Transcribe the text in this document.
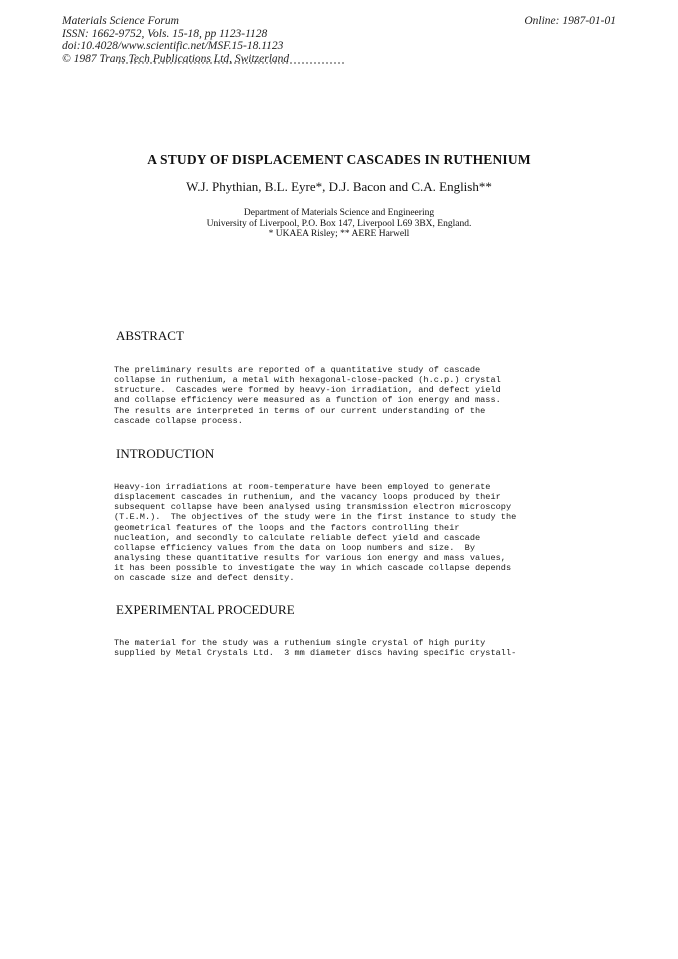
Materials Science Forum
ISSN: 1662-9752, Vols. 15-18, pp 1123-1128
doi:10.4028/www.scientific.net/MSF.15-18.1123
© 1987 Trans Tech Publications Ltd, Switzerland
Online: 1987-01-01
A STUDY OF DISPLACEMENT CASCADES IN RUTHENIUM
W.J. Phythian, B.L. Eyre*, D.J. Bacon and C.A. English**
Department of Materials Science and Engineering
University of Liverpool, P.O. Box 147, Liverpool L69 3BX, England.
* UKAEA Risley; ** AERE Harwell
ABSTRACT
The preliminary results are reported of a quantitative study of cascade
collapse in ruthenium, a metal with hexagonal-close-packed (h.c.p.) crystal
structure.  Cascades were formed by heavy-ion irradiation, and defect yield
and collapse efficiency were measured as a function of ion energy and mass.
The results are interpreted in terms of our current understanding of the
cascade collapse process.
INTRODUCTION
Heavy-ion irradiations at room-temperature have been employed to generate
displacement cascades in ruthenium, and the vacancy loops produced by their
subsequent collapse have been analysed using transmission electron microscopy
(T.E.M.).  The objectives of the study were in the first instance to study the
geometrical features of the loops and the factors controlling their
nucleation, and secondly to calculate reliable defect yield and cascade
collapse efficiency values from the data on loop numbers and size.  By
analysing these quantitative results for various ion energy and mass values,
it has been possible to investigate the way in which cascade collapse depends
on cascade size and defect density.
EXPERIMENTAL PROCEDURE
The material for the study was a ruthenium single crystal of high purity
supplied by Metal Crystals Ltd.  3 mm diameter discs having specific crystall-
